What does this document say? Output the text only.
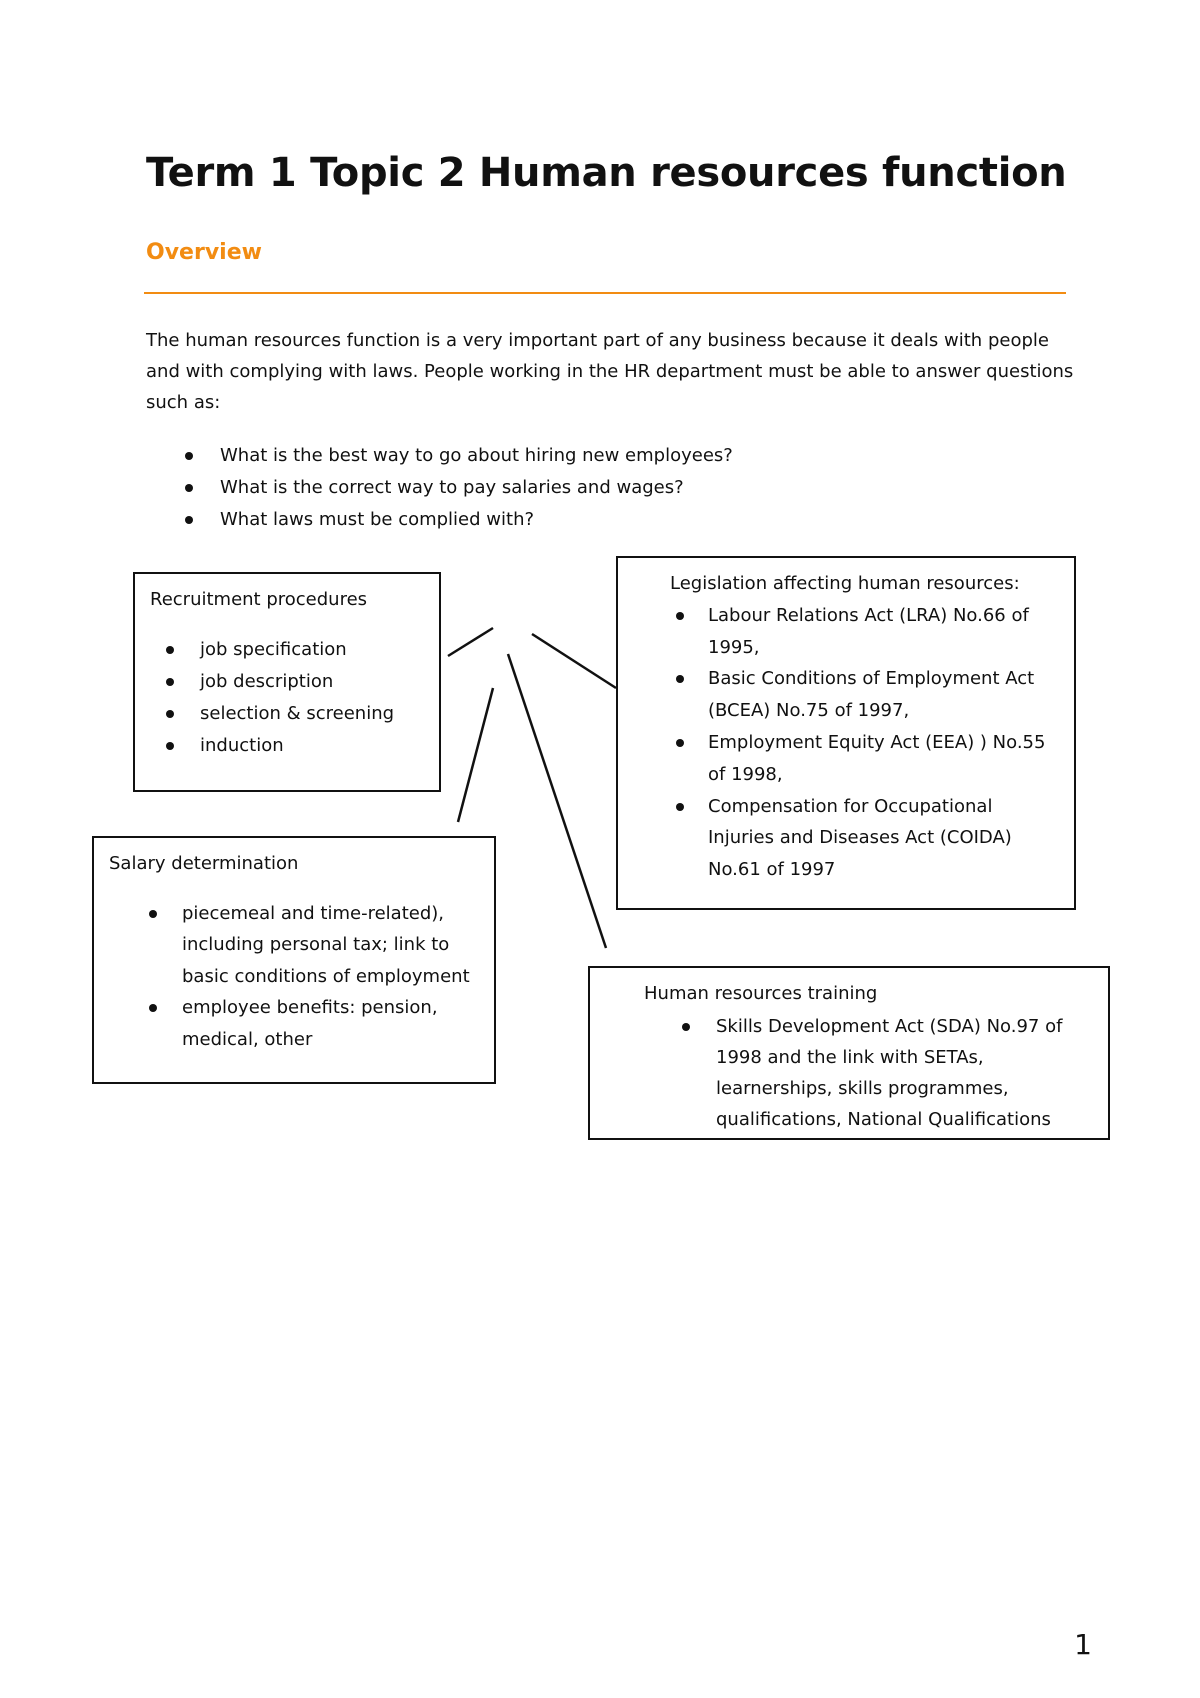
Term 1 Topic 2 Human resources function
Overview

The human resources function is a very important part of any business because it deals with people and with complying with laws. People working in the HR department must be able to answer questions such as:

What is the best way to go about hiring new employees?
What is the correct way to pay salaries and wages?
What laws must be complied with?

Recruitment procedures

job specification
job description
selection & screening
induction

Legislation affecting human resources:

Labour Relations Act (LRA) No.66 of 1995,
Basic Conditions of Employment Act (BCEA) No.75 of 1997,
Employment Equity Act (EEA) ) No.55 of 1998,
Compensation for Occupational Injuries and Diseases Act (COIDA) No.61 of 1997

Salary determination

piecemeal and time-related), including personal tax; link to basic conditions of employment
employee benefits: pension, medical, other

Human resources training

Skills Development Act (SDA) No.97 of 1998 and the link with SETAs, learnerships, skills programmes, qualifications, National Qualifications

1
